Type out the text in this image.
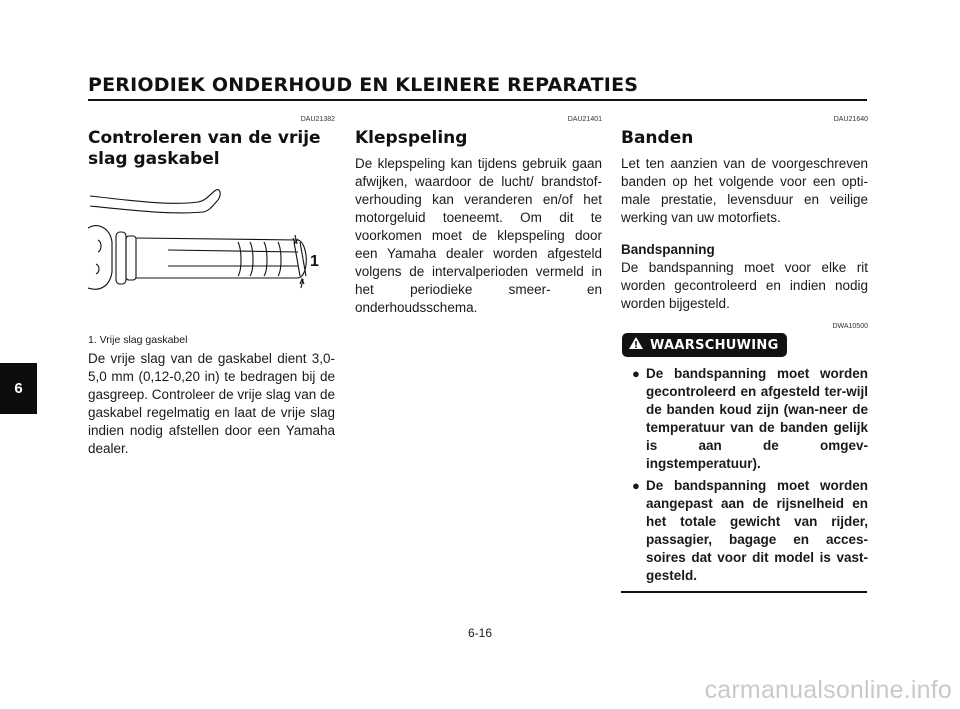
PERIODIEK ONDERHOUD EN KLEINERE REPARATIES
6
DAU21382
Controleren van de vrije slag gaskabel
1
1. Vrije slag gaskabel

De vrije slag van de gaskabel dient 3,0-5,0 mm (0,12-0,20 in) te bedragen bij de gasgreep. Controleer de vrije slag van de gaskabel regelmatig en laat de vrije slag indien nodig afstellen door een Yamaha dealer.

DAU21401
Klepspeling

De klepspeling kan tijdens gebruik gaan afwijken, waardoor de lucht/ brandstof-verhouding kan veranderen en/of het motorgeluid toeneemt. Om dit te voorkomen moet de klepspeling door een Yamaha dealer worden afgesteld volgens de intervalperioden vermeld in het periodieke smeer- en onderhoudsschema.

DAU21640
Banden

Let ten aanzien van de voorgeschreven banden op het volgende voor een opti-male prestatie, levensduur en veilige werking van uw motorfiets.

Bandspanning

De bandspanning moet voor elke rit worden gecontroleerd en indien nodig worden bijgesteld.

DWA10500
WAARSCHUWING
● De bandspanning moet worden gecontroleerd en afgesteld ter-wijl de banden koud zijn (wan-neer de temperatuur van de banden gelijk is aan de omgev-ingstemperatuur).
● De bandspanning moet worden aangepast aan de rijsnelheid en het totale gewicht van rijder, passagier, bagage en acces-soires dat voor dit model is vast-gesteld.
6-16
carmanualsonline.info
